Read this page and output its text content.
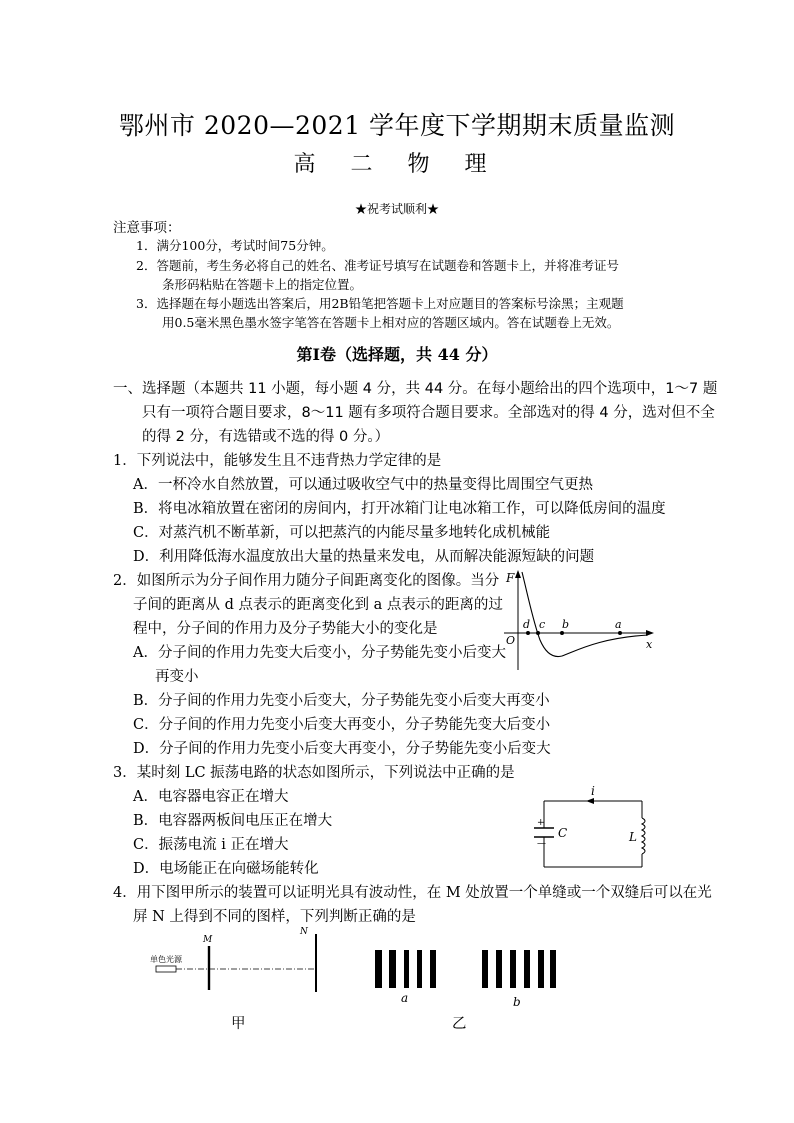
鄂州市 2020—2021 学年度下学期期末质量监测
高 二 物 理
★祝考试顺利★
注意事项：
1．满分100分，考试时间75分钟。
2．答题前，考生务必将自己的姓名、准考证号填写在试题卷和答题卡上，并将准考证号
条形码粘贴在答题卡上的指定位置。
3．选择题在每小题选出答案后，用2B铅笔把答题卡上对应题目的答案标号涂黑；主观题
用0.5毫米黑色墨水签字笔答在答题卡上相对应的答题区域内。答在试题卷上无效。
第Ⅰ卷（选择题，共 44 分）
一、选择题（本题共 11 小题，每小题 4 分，共 44 分。在每小题给出的四个选项中，1～7 题
只有一项符合题目要求，8～11 题有多项符合题目要求。全部选对的得 4 分，选对但不全
的得 2 分，有选错或不选的得 0 分。）
1．下列说法中，能够发生且不违背热力学定律的是
A．一杯冷水自然放置，可以通过吸收空气中的热量变得比周围空气更热
B．将电冰箱放置在密闭的房间内，打开冰箱门让电冰箱工作，可以降低房间的温度
C．对蒸汽机不断革新，可以把蒸汽的内能尽量多地转化成机械能
D．利用降低海水温度放出大量的热量来发电，从而解决能源短缺的问题
2．如图所示为分子间作用力随分子间距离变化的图像。当分
子间的距离从 d 点表示的距离变化到 a 点表示的距离的过
程中，分子间的作用力及分子势能大小的变化是
A．分子间的作用力先变大后变小，分子势能先变小后变大
再变小
B．分子间的作用力先变小后变大，分子势能先变小后变大再变小
C．分子间的作用力先变小后变大再变小，分子势能先变大后变小
D．分子间的作用力先变小后变大再变小，分子势能先变小后变大
F
x
O
d c b	a
3．某时刻 LC 振荡电路的状态如图所示，下列说法中正确的是
A．电容器电容正在增大
B．电容器两板间电压正在增大
C．振荡电流 i 正在增大
D．电场能正在向磁场能转化
i
C	L
+
—
4．用下图甲所示的装置可以证明光具有波动性，在 M 处放置一个单缝或一个双缝后可以在光
屏 N 上得到不同的图样，下列判断正确的是
单色光源
M
N
a	b
甲	乙
